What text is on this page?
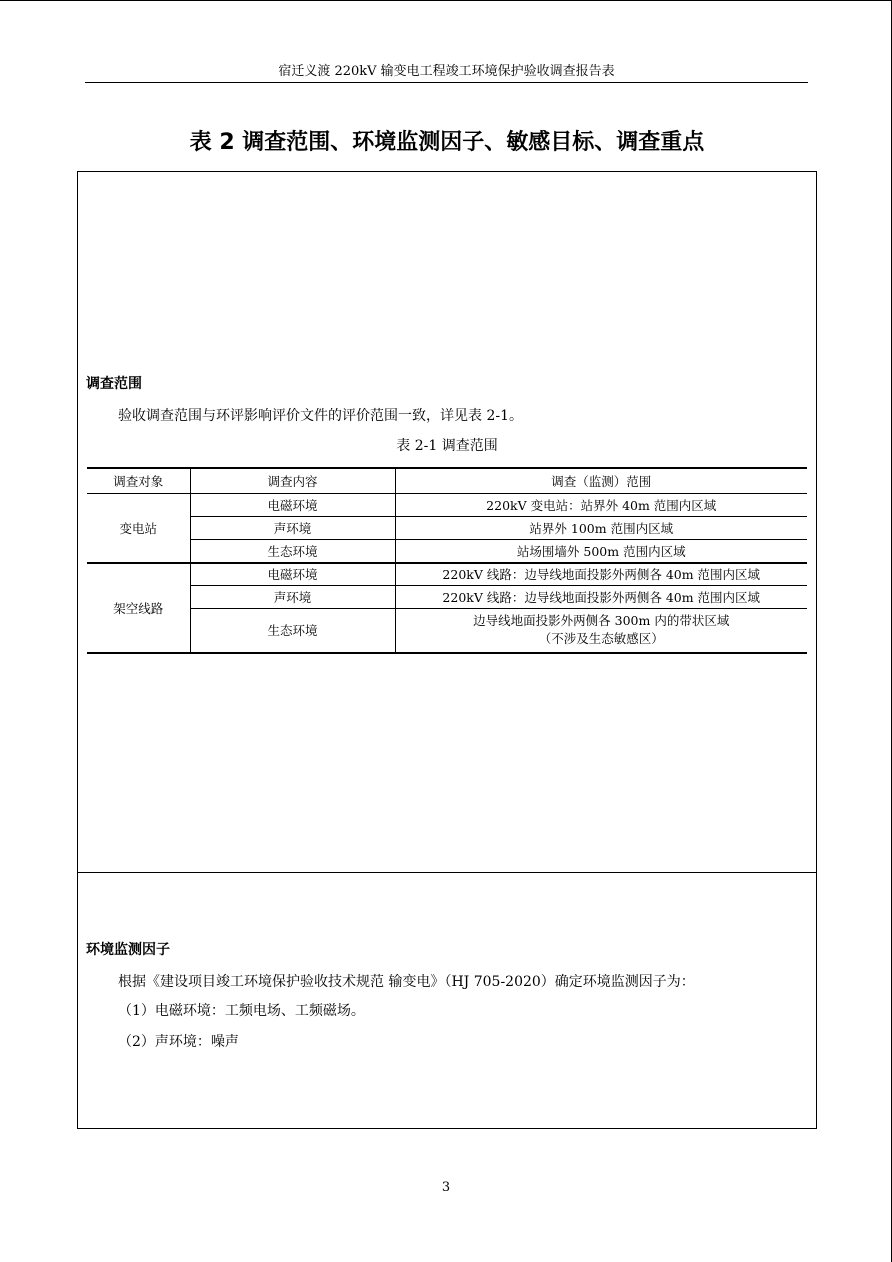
宿迁义渡 220kV 输变电工程竣工环境保护验收调查报告表
表 2 调查范围、环境监测因子、敏感目标、调查重点
调查范围
验收调查范围与环评影响评价文件的评价范围一致，详见表 2-1。
表 2-1 调查范围
调查对象	调查内容	调查（监测）范围
变电站	电磁环境	220kV 变电站：站界外 40m 范围内区域
	声环境	站界外 100m 范围内区域
	生态环境	站场围墙外 500m 范围内区域
架空线路	电磁环境	220kV 线路：边导线地面投影外两侧各 40m 范围内区域
	声环境	220kV 线路：边导线地面投影外两侧各 40m 范围内区域
	生态环境	边导线地面投影外两侧各 300m 内的带状区域
（不涉及生态敏感区）
环境监测因子
根据《建设项目竣工环境保护验收技术规范 输变电》（HJ 705-2020）确定环境监测因子为：
（1）电磁环境：工频电场、工频磁场。
（2）声环境：噪声
3
